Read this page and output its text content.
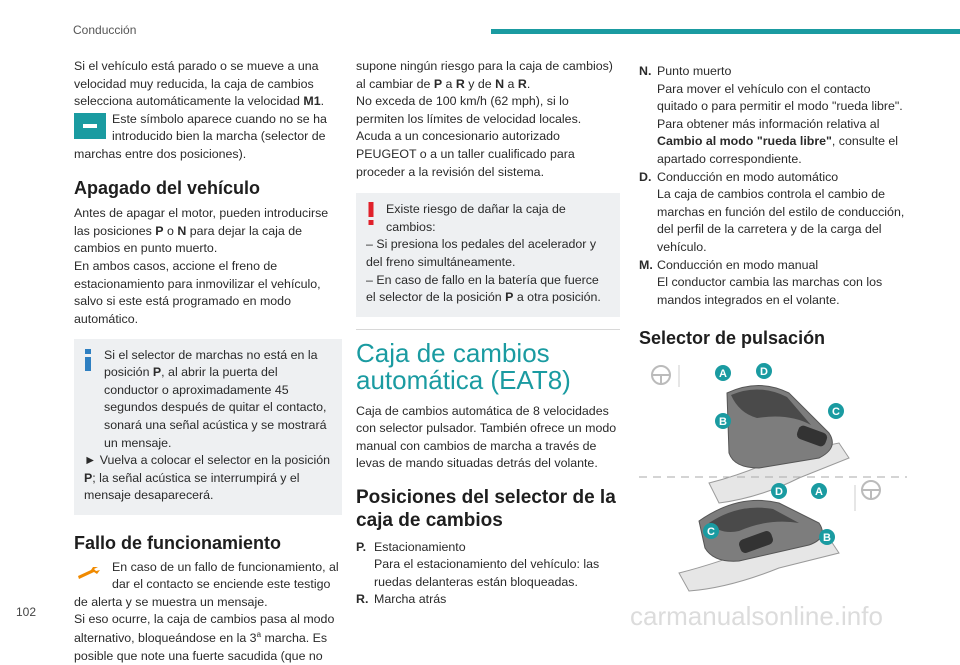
Conducción

Si el vehículo está parado o se mueve a una velocidad muy reducida, la caja de cambios selecciona automáticamente la velocidad M1.

Este símbolo aparece cuando no se ha introducido bien la marcha (selector de marchas entre dos posiciones).

Apagado del vehículo

Antes de apagar el motor, pueden introducirse las posiciones P o N para dejar la caja de cambios en punto muerto.

En ambos casos, accione el freno de estacionamiento para inmovilizar el vehículo, salvo si este está programado en modo automático.

Si el selector de marchas no está en la posición P, al abrir la puerta del conductor o aproximadamente 45 segundos después de quitar el contacto, sonará una señal acústica y se mostrará un mensaje.

► Vuelva a colocar el selector en la posición P; la señal acústica se interrumpirá y el mensaje desaparecerá.

Fallo de funcionamiento

En caso de un fallo de funcionamiento, al dar el contacto se enciende este testigo de alerta y se muestra un mensaje.

Si eso ocurre, la caja de cambios pasa al modo alternativo, bloqueándose en la 3$^a$ marcha. Es posible que note una fuerte sacudida (que no

supone ningún riesgo para la caja de cambios) al cambiar de P a R y de N a R.

No exceda de 100 km/h (62 mph), si lo permiten los límites de velocidad locales.

Acuda a un concesionario autorizado PEUGEOT o a un taller cualificado para proceder a la revisión del sistema.

Existe riesgo de dañar la caja de cambios:

– Si presiona los pedales del acelerador y del freno simultáneamente.

– En caso de fallo en la batería que fuerce el selector de la posición P a otra posición.

Caja de cambios automática (EAT8)

Caja de cambios automática de 8 velocidades con selector pulsador. También ofrece un modo manual con cambios de marcha a través de levas de mando situadas detrás del volante.

Posiciones del selector de la caja de cambios
P. Estacionamiento

Para el estacionamiento del vehículo: las ruedas delanteras están bloqueadas.

R. Marcha atrás

N. Punto muerto

Para mover el vehículo con el contacto quitado o para permitir el modo "rueda libre". Para obtener más información relativa al Cambio al modo "rueda libre", consulte el apartado correspondiente.

D. Conducción en modo automático

La caja de cambios controla el cambio de marchas en función del estilo de conducción, del perfil de la carretera y de la carga del vehículo.

M. Conducción en modo manual

El conductor cambia las marchas con los mandos integrados en el volante.

Selector de pulsación
A	D
C
B
D	A
C	B
102	carmanualsonline.info
